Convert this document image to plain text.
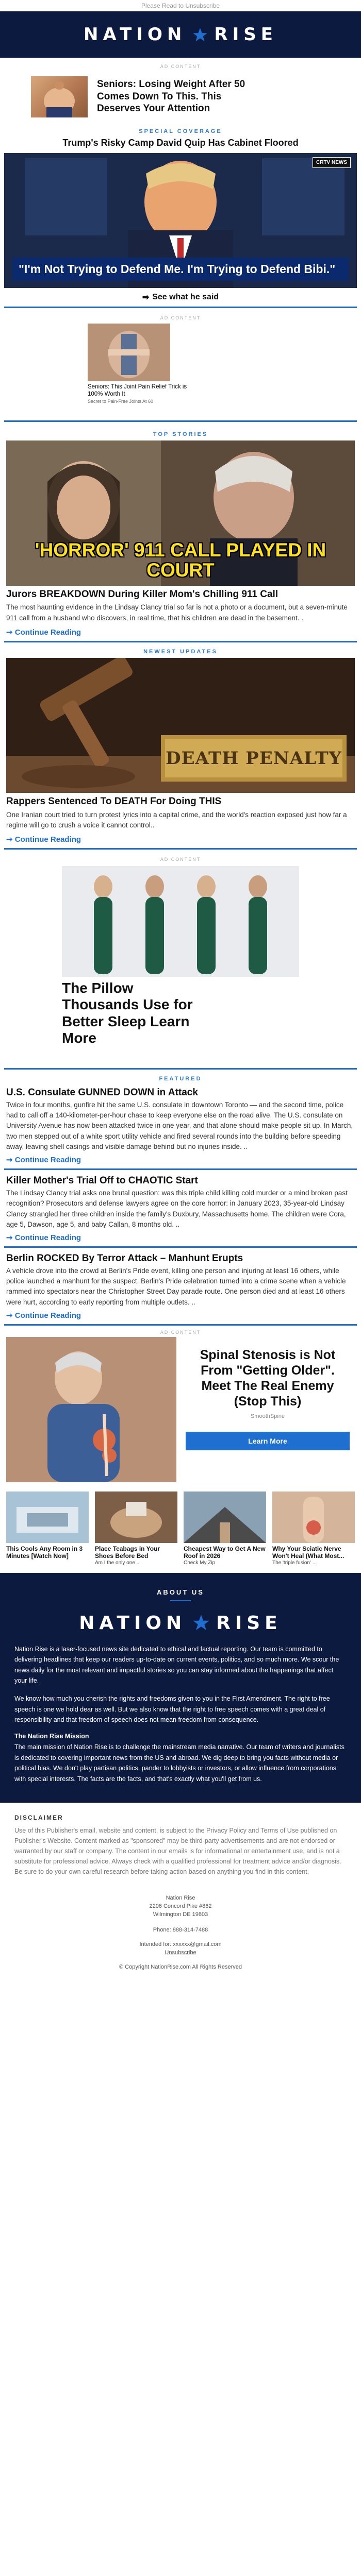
Please Read to Unsubscribe
NATION RISE
AD CONTENT
Seniors: Losing Weight After 50 Comes Down To This. This Deserves Your Attention
SPECIAL COVERAGE
Trump's Risky Camp David Quip Has Cabinet Floored
CRTV NEWS
"I'm Not Trying to Defend Me. I'm Trying to Defend Bibi."
➡ See what he said
AD CONTENT
Seniors: This Joint Pain Relief Trick is 100% Worth It
Secret to Pain-Free Joints At 60
TOP STORIES
'HORROR' 911 CALL PLAYED IN COURT
Jurors BREAKDOWN During Killer Mom's Chilling 911 Call
The most haunting evidence in the Lindsay Clancy trial so far is not a photo or a document, but a seven-minute 911 call from a husband who discovers, in real time, that his children are dead in the basement. .
➞ Continue Reading
NEWEST UPDATES
DEATH PENALTY
Rappers Sentenced To DEATH For Doing THIS
One Iranian court tried to turn protest lyrics into a capital crime, and the world's reaction exposed just how far a regime will go to crush a voice it cannot control..
➞ Continue Reading
AD CONTENT
The Pillow Thousands Use for Better Sleep Learn More
FEATURED
U.S. Consulate GUNNED DOWN in Attack
Twice in four months, gunfire hit the same U.S. consulate in downtown Toronto — and the second time, police had to call off a 140-kilometer-per-hour chase to keep everyone else on the road alive. The U.S. consulate on University Avenue has now been attacked twice in one year, and that alone should make people sit up. In March, two men stepped out of a white sport utility vehicle and fired several rounds into the building before speeding away, leaving shell casings and visible damage behind but no injuries inside. ..
➞ Continue Reading
Killer Mother's Trial Off to CHAOTIC Start
The Lindsay Clancy trial asks one brutal question: was this triple child killing cold murder or a mind broken past recognition? Prosecutors and defense lawyers agree on the core horror: in January 2023, 35-year-old Lindsay Clancy strangled her three children inside the family's Duxbury, Massachusetts home. The children were Cora, age 5, Dawson, age 5, and baby Callan, 8 months old. ..
➞ Continue Reading
Berlin ROCKED By Terror Attack – Manhunt Erupts
A vehicle drove into the crowd at Berlin's Pride event, killing one person and injuring at least 16 others, while police launched a manhunt for the suspect. Berlin's Pride celebration turned into a crime scene when a vehicle rammed into spectators near the Christopher Street Day parade route. One person died and at least 16 others were hurt, according to early reporting from multiple outlets. ..
➞ Continue Reading
AD CONTENT
Spinal Stenosis is Not From "Getting Older". Meet The Real Enemy (Stop This)
SmoothSpine
Learn More
This Cools Any Room in 3 Minutes [Watch Now]
Place Teabags in Your Shoes Before Bed
Am I the only one ...
Cheapest Way to Get A New Roof in 2026
Check My Zip
Why Your Sciatic Nerve Won't Heal (What Most...
The 'triple fusion' ...
ABOUT US
NATION RISE
Nation Rise is a laser-focused news site dedicated to ethical and factual reporting. Our team is committed to delivering headlines that keep our readers up-to-date on current events, politics, and so much more. We scour the news daily for the most relevant and impactful stories so you can stay informed about the happenings that affect your life.
We know how much you cherish the rights and freedoms given to you in the First Amendment. The right to free speech is one we hold dear as well. But we also know that the right to free speech comes with a great deal of responsibility and that freedom of speech does not mean freedom from consequence.
The Nation Rise Mission
The main mission of Nation Rise is to challenge the mainstream media narrative. Our team of writers and journalists is dedicated to covering important news from the US and abroad. We dig deep to bring you facts without media or political bias. We don't play partisan politics, pander to lobbyists or investors, or allow influence from corporations with special interests. The facts are the facts, and that's exactly what you'll get from us.
DISCLAIMER
Use of this Publisher's email, website and content, is subject to the Privacy Policy and Terms of Use published on Publisher's Website. Content marked as "sponsored" may be third-party advertisements and are not endorsed or warranted by our staff or company. The content in our emails is for informational or entertainment use, and is not a substitute for professional advice. Always check with a qualified professional for treatment advice and/or diagnosis. Be sure to do your own careful research before taking action based on anything you find in this content.
Nation Rise
2206 Concord Pike #862
Wilmington DE 19803
Phone: 888-314-7488
Intended for: xxxxxx@gmail.com
Unsubscribe
© Copyright NationRise.com All Rights Reserved
